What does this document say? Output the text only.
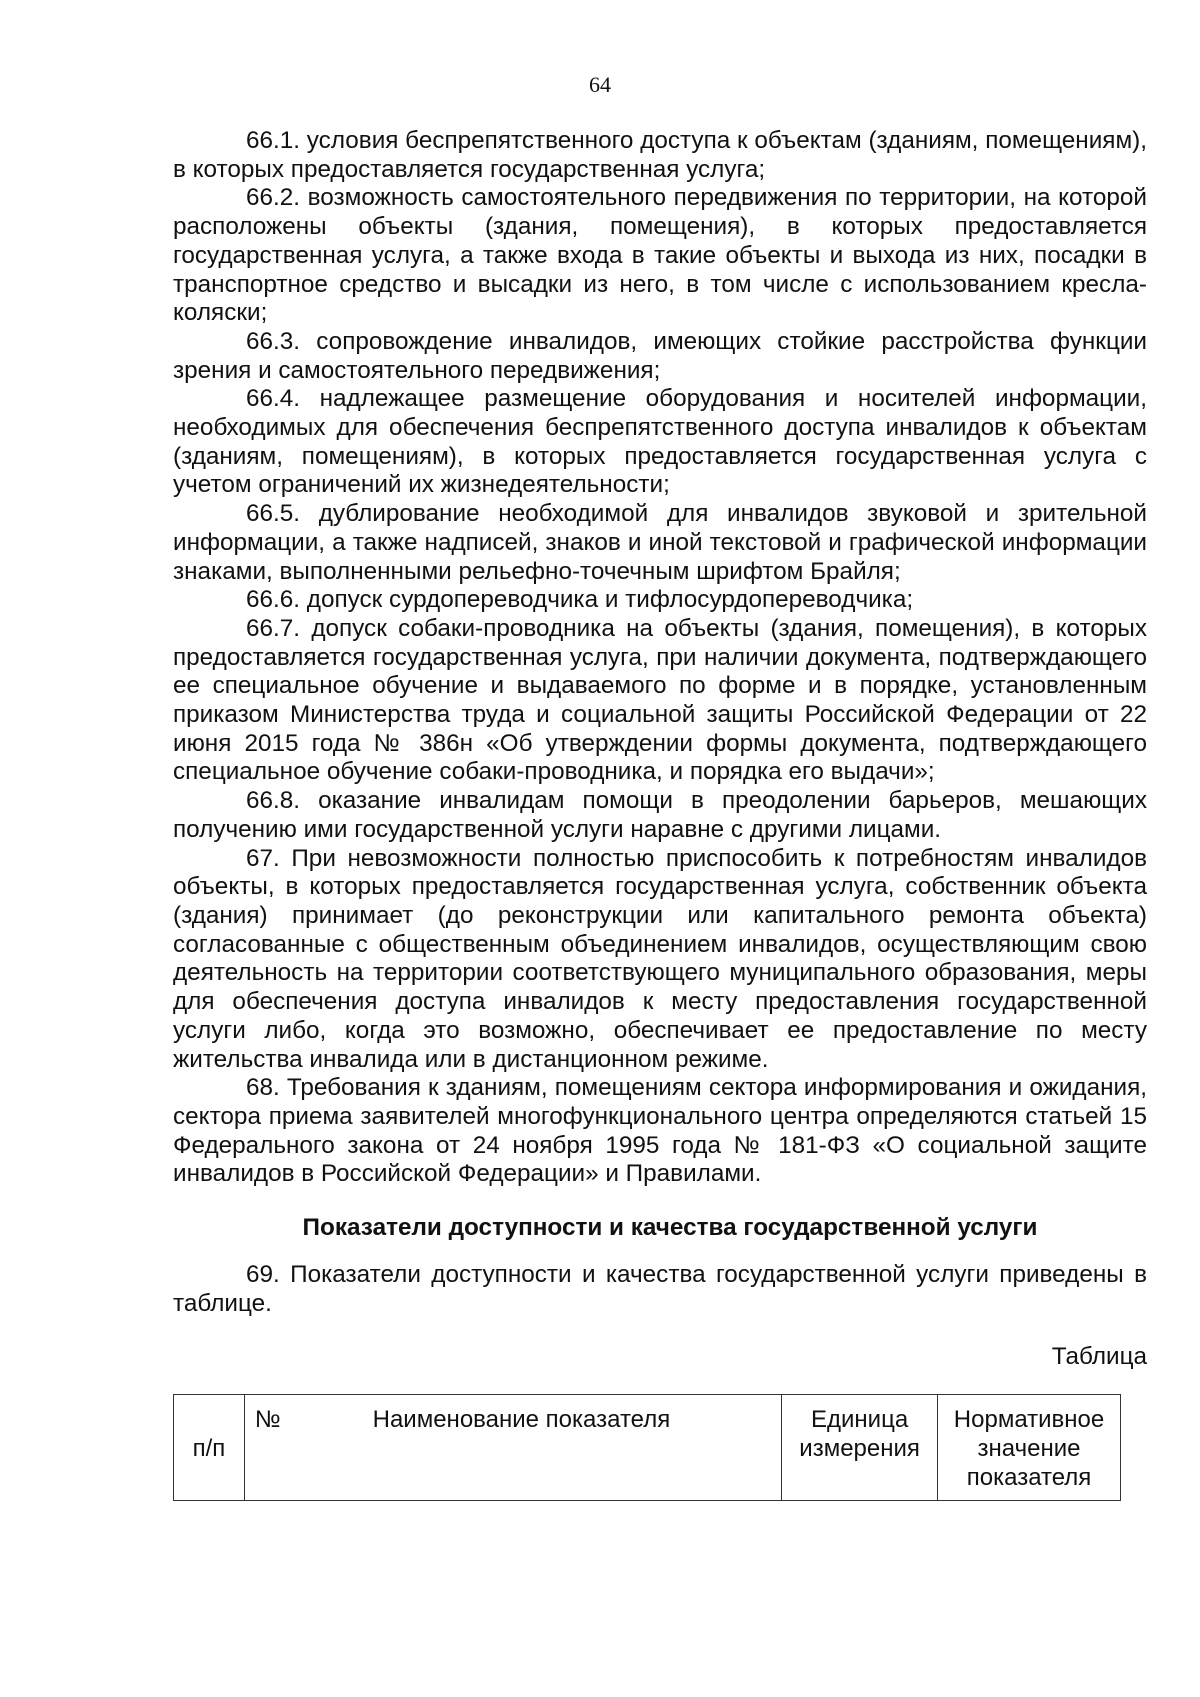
64

66.1. условия беспрепятственного доступа к объектам (зданиям, помещениям), в которых предоставляется государственная услуга;

66.2. возможность самостоятельного передвижения по территории, на которой расположены объекты (здания, помещения), в которых предоставляется государственная услуга, а также входа в такие объекты и выхода из них, посадки в транспортное средство и высадки из него, в том числе с использованием кресла-коляски;

66.3. сопровождение инвалидов, имеющих стойкие расстройства функции зрения и самостоятельного передвижения;

66.4. надлежащее размещение оборудования и носителей информации, необходимых для обеспечения беспрепятственного доступа инвалидов к объектам (зданиям, помещениям), в которых предоставляется государственная услуга с учетом ограничений их жизнедеятельности;

66.5. дублирование необходимой для инвалидов звуковой и зрительной информации, а также надписей, знаков и иной текстовой и графической информации знаками, выполненными рельефно-точечным шрифтом Брайля;

66.6. допуск сурдопереводчика и тифлосурдопереводчика;

66.7. допуск собаки-проводника на объекты (здания, помещения), в которых предоставляется государственная услуга, при наличии документа, подтверждающего ее специальное обучение и выдаваемого по форме и в порядке, установленным приказом Министерства труда и социальной защиты Российской Федерации от 22 июня 2015 года № 386н «Об утверждении формы документа, подтверждающего специальное обучение собаки-проводника, и порядка его выдачи»;

66.8. оказание инвалидам помощи в преодолении барьеров, мешающих получению ими государственной услуги наравне с другими лицами.

67. При невозможности полностью приспособить к потребностям инвалидов объекты, в которых предоставляется государственная услуга, собственник объекта (здания) принимает (до реконструкции или капитального ремонта объекта) согласованные с общественным объединением инвалидов, осуществляющим свою деятельность на территории соответствующего муниципального образования, меры для обеспечения доступа инвалидов к месту предоставления государственной услуги либо, когда это возможно, обеспечивает ее предоставление по месту жительства инвалида или в дистанционном режиме.

68. Требования к зданиям, помещениям сектора информирования и ожидания, сектора приема заявителей многофункционального центра определяются статьей 15 Федерального закона от 24 ноября 1995 года № 181-ФЗ «О социальной защите инвалидов в Российской Федерации» и Правилами.

Показатели доступности и качества государственной услуги

69. Показатели доступности и качества государственной услуги приведены в таблице.

Таблица
п/п	№	Наименование показателя	Единица измерения	Нормативное значение показателя
